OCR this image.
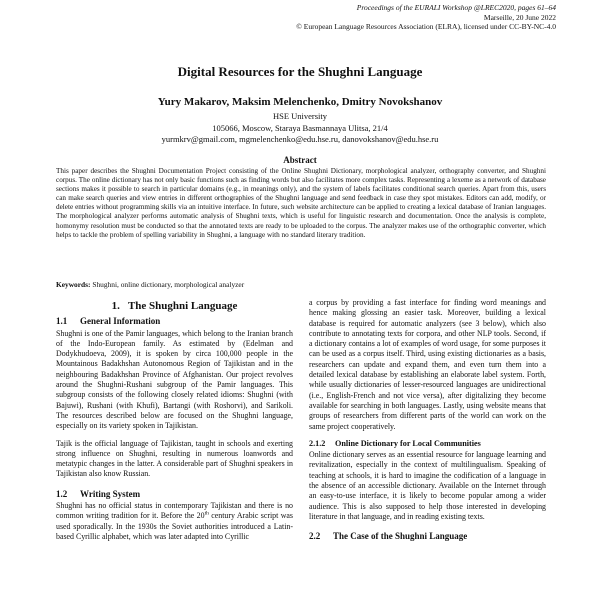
Proceedings of the EURALI Workshop @LREC2020, pages 61–64
Marseille, 20 June 2022
© European Language Resources Association (ELRA), licensed under CC-BY-NC-4.0
Digital Resources for the Shughni Language
Yury Makarov, Maksim Melenchenko, Dmitry Novokshanov
HSE University
105066, Moscow, Staraya Basmannaya Ulitsa, 21/4
yurmkrv@gmail.com, mgmelenchenko@edu.hse.ru, danovokshanov@edu.hse.ru
Abstract
This paper describes the Shughni Documentation Project consisting of the Online Shughni Dictionary, morphological analyzer, orthography converter, and Shughni corpus. The online dictionary has not only basic functions such as finding words but also facilitates more complex tasks. Representing a lexeme as a network of database sections makes it possible to search in particular domains (e.g., in meanings only), and the system of labels facilitates conditional search queries. Apart from this, users can make search queries and view entries in different orthographies of the Shughni language and send feedback in case they spot mistakes. Editors can add, modify, or delete entries without programming skills via an intuitive interface. In future, such website architecture can be applied to creating a lexical database of Iranian languages. The morphological analyzer performs automatic analysis of Shughni texts, which is useful for linguistic research and documentation. Once the analysis is complete, homonymy resolution must be conducted so that the annotated texts are ready to be uploaded to the corpus. The analyzer makes use of the orthographic converter, which helps to tackle the problem of spelling variability in Shughni, a language with no standard literary tradition.
Keywords: Shughni, online dictionary, morphological analyzer
1. The Shughni Language
1.1 General Information

Shughni is one of the Pamir languages, which belong to the Iranian branch of the Indo-European family. As estimated by (Edelman and Dodykhudoeva, 2009), it is spoken by circa 100,000 people in the Mountainous Badakhshan Autonomous Region of Tajikistan and in the neighbouring Badakhshan Province of Afghanistan. Our project revolves around the Shughni-Rushani subgroup of the Pamir languages. This subgroup consists of the following closely related idioms: Shughni (with Bajuwi), Rushani (with Khufi), Bartangi (with Roshorvi), and Sarikoli. The resources described below are focused on the Shughni language, especially on its variety spoken in Tajikistan.

Tajik is the official language of Tajikistan, taught in schools and exerting strong influence on Shughni, resulting in numerous loanwords and metatypic changes in the latter. A considerable part of Shughni speakers in Tajikistan also know Russian.

1.2 Writing System

Shughni has no official status in contemporary Tajikistan and there is no common writing tradition for it. Before the 20th century Arabic script was used sporadically. In the 1930s the Soviet authorities introduced a Latin-based Cyrillic alphabet, which was later adapted into Cyrillic

a corpus by providing a fast interface for finding word meanings and hence making glossing an easier task. Moreover, building a lexical database is required for automatic analyzers (see 3 below), which also contribute to annotating texts for corpora, and other NLP tools. Second, if a dictionary contains a lot of examples of word usage, for some purposes it can be used as a corpus itself. Third, using existing dictionaries as a basis, researchers can update and expand them, and even turn them into a detailed lexical database by establishing an elaborate label system. Forth, while usually dictionaries of lesser-resourced languages are unidirectional (i.e., English-French and not vice versa), after digitalizing they become available for searching in both languages. Lastly, using website means that groups of researchers from different parts of the world can work on the same project cooperatively.

2.1.2 Online Dictionary for Local Communities

Online dictionary serves as an essential resource for language learning and revitalization, especially in the context of multilingualism. Speaking of teaching at schools, it is hard to imagine the codification of a language in the absence of an accessible dictionary. Available on the Internet through an easy-to-use interface, it is likely to become popular among a wider audience. This is also supposed to help those interested in developing literature in that language, and in reading existing texts.

2.2 The Case of the Shughni Language
